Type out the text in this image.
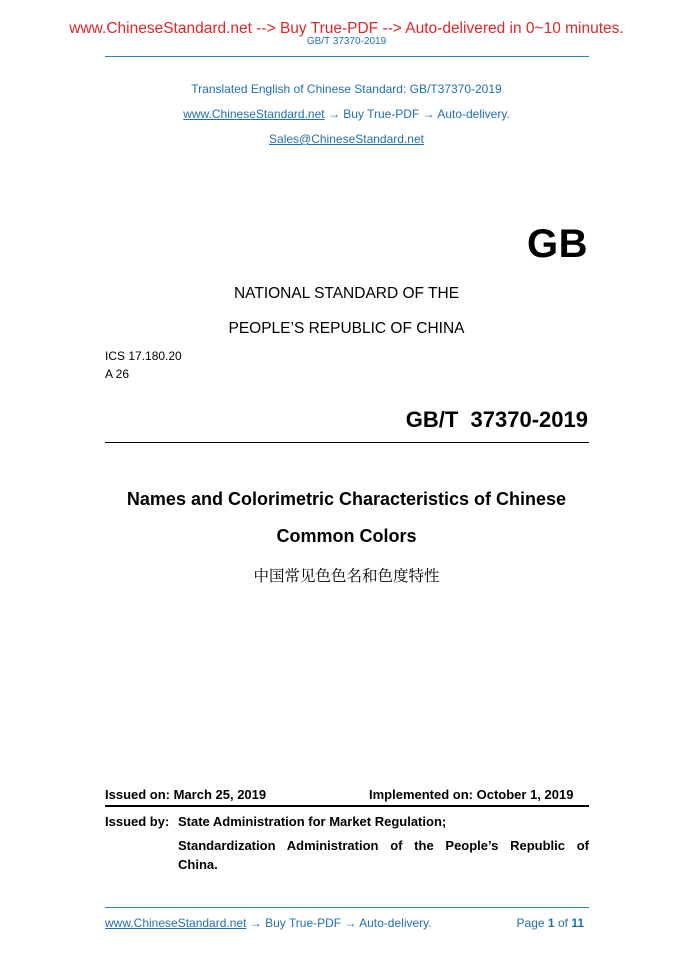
www.ChineseStandard.net --> Buy True-PDF --> Auto-delivered in 0~10 minutes.
GB/T 37370-2019
Translated English of Chinese Standard: GB/T37370-2019
www.ChineseStandard.net → Buy True-PDF → Auto-delivery.
Sales@ChineseStandard.net
GB
NATIONAL STANDARD OF THE
PEOPLE’S REPUBLIC OF CHINA
ICS 17.180.20
A 26
GB/T  37370-2019
Names and Colorimetric Characteristics of Chinese
Common Colors
中国常见色色名和色度特性
Issued on: March 25, 2019	Implemented on: October 1, 2019
Issued by: State Administration for Market Regulation;
Standardization Administration of the People’s Republic of
China.
www.ChineseStandard.net → Buy True-PDF → Auto-delivery.	Page 1 of 11
